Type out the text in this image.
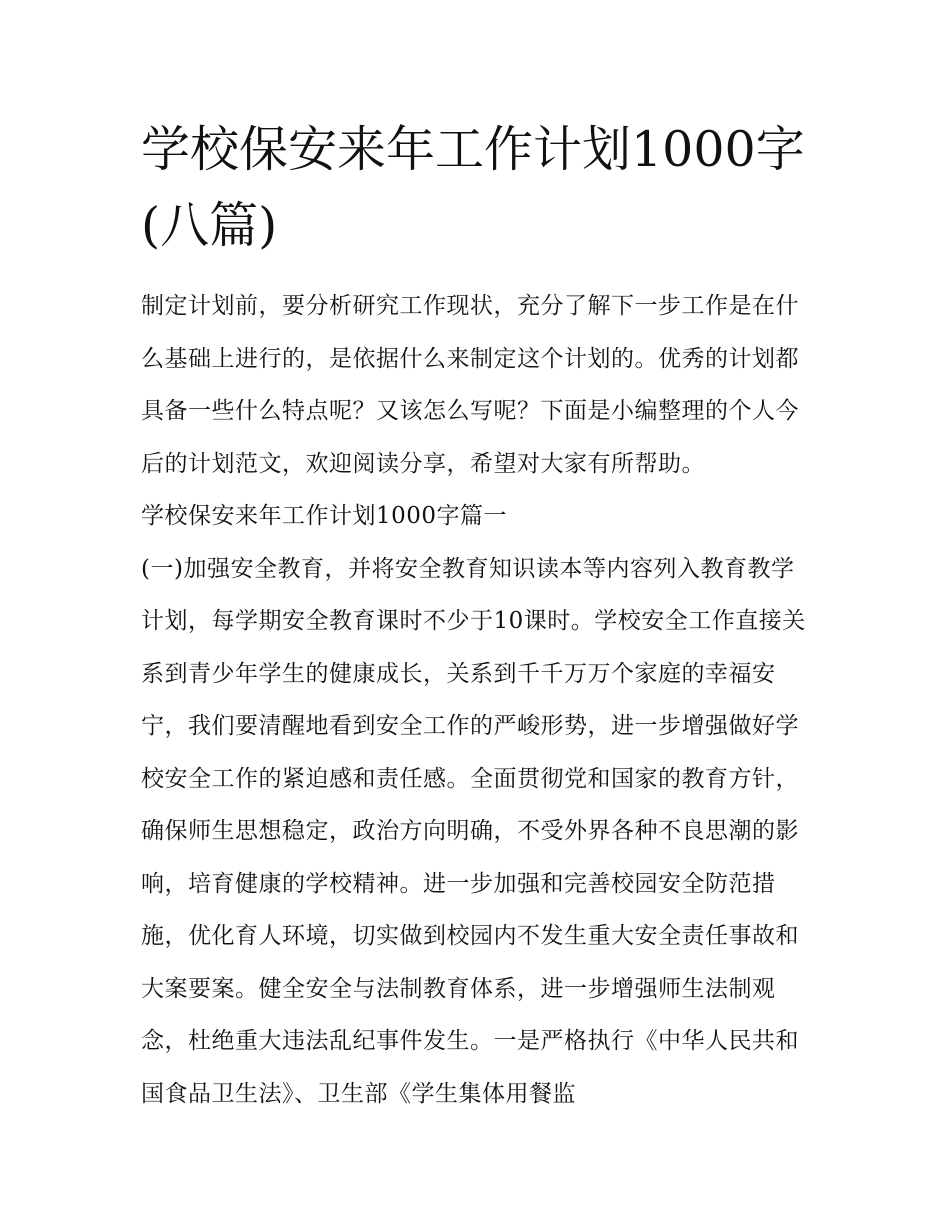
学校保安来年工作计划1000字(八篇)

制定计划前，要分析研究工作现状，充分了解下一步工作是在什么基础上进行的，是依据什么来制定这个计划的。优秀的计划都具备一些什么特点呢？又该怎么写呢？下面是小编整理的个人今后的计划范文，欢迎阅读分享，希望对大家有所帮助。

学校保安来年工作计划1000字篇一

(一)加强安全教育，并将安全教育知识读本等内容列入教育教学计划，每学期安全教育课时不少于10课时。学校安全工作直接关系到青少年学生的健康成长，关系到千千万万个家庭的幸福安宁，我们要清醒地看到安全工作的严峻形势，进一步增强做好学校安全工作的紧迫感和责任感。全面贯彻党和国家的教育方针，确保师生思想稳定，政治方向明确，不受外界各种不良思潮的影响，培育健康的学校精神。进一步加强和完善校园安全防范措施，优化育人环境，切实做到校园内不发生重大安全责任事故和大案要案。健全安全与法制教育体系，进一步增强师生法制观念，杜绝重大违法乱纪事件发生。一是严格执行《中华人民共和国食品卫生法》、卫生部《学生集体用餐监
